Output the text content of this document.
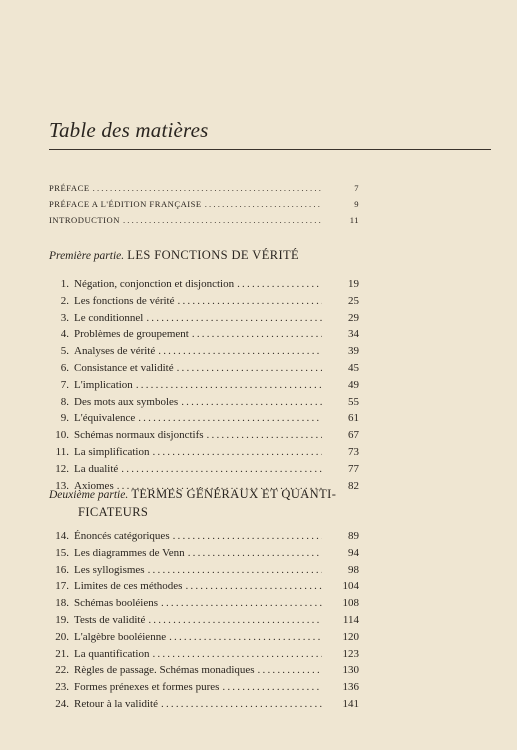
Table des matières
PRÉFACE .....	7
PRÉFACE A L'ÉDITION FRANÇAISE .....	9
INTRODUCTION .....	11
Première partie. LES FONCTIONS DE VÉRITÉ
1. Négation, conjonction et disjonction .....	19
2. Les fonctions de vérité .....	25
3. Le conditionnel .....	29
4. Problèmes de groupement .....	34
5. Analyses de vérité .....	39
6. Consistance et validité .....	45
7. L'implication .....	49
8. Des mots aux symboles .....	55
9. L'équivalence .....	61
10. Schémas normaux disjonctifs .....	67
11. La simplification .....	73
12. La dualité .....	77
13. Axiomes .....	82
Deuxième partie. TERMES GÉNÉRAUX ET QUANTI-
FICATEURS
14. Énoncés catégoriques .....	89
15. Les diagrammes de Venn .....	94
16. Les syllogismes .....	98
17. Limites de ces méthodes .....	104
18. Schémas booléiens .....	108
19. Tests de validité .....	114
20. L'algèbre booléienne .....	120
21. La quantification .....	123
22. Règles de passage. Schémas monadiques .....	130
23. Formes prénexes et formes pures .....	136
24. Retour à la validité .....	141
